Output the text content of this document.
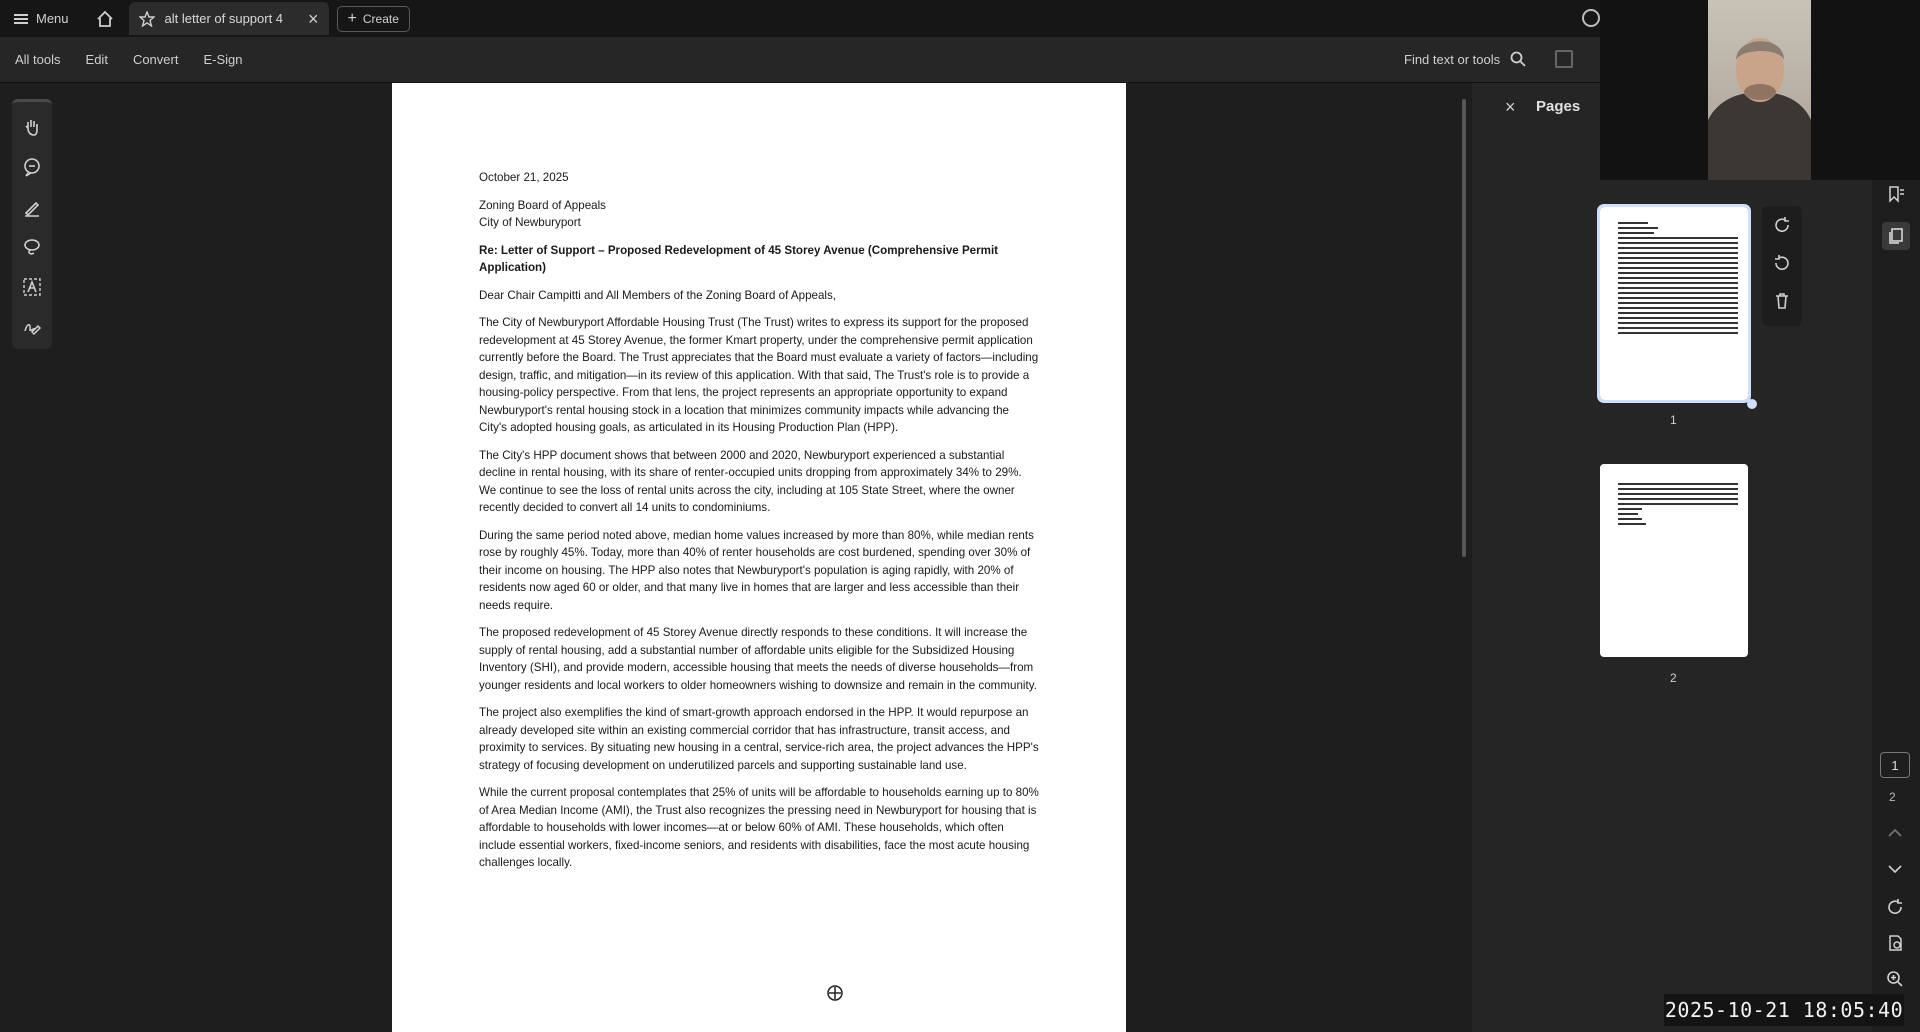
Menu	alt letter of support 4	× + Create
All tools Edit Convert E-Sign	Find text or tools

October 21, 2025

Zoning Board of Appeals
City of Newburyport

Re: Letter of Support – Proposed Redevelopment of 45 Storey Avenue (Comprehensive Permit Application)

Dear Chair Campitti and All Members of the Zoning Board of Appeals,

The City of Newburyport Affordable Housing Trust (The Trust) writes to express its support for the proposed redevelopment at 45 Storey Avenue, the former Kmart property, under the comprehensive permit application currently before the Board. The Trust appreciates that the Board must evaluate a variety of factors—including design, traffic, and mitigation—in its review of this application. With that said, The Trust's role is to provide a housing-policy perspective. From that lens, the project represents an appropriate opportunity to expand Newburyport's rental housing stock in a location that minimizes community impacts while advancing the City's adopted housing goals, as articulated in its Housing Production Plan (HPP).

The City's HPP document shows that between 2000 and 2020, Newburyport experienced a substantial decline in rental housing, with its share of renter-occupied units dropping from approximately 34% to 29%. We continue to see the loss of rental units across the city, including at 105 State Street, where the owner recently decided to convert all 14 units to condominiums.

During the same period noted above, median home values increased by more than 80%, while median rents rose by roughly 45%. Today, more than 40% of renter households are cost burdened, spending over 30% of their income on housing. The HPP also notes that Newburyport's population is aging rapidly, with 20% of residents now aged 60 or older, and that many live in homes that are larger and less accessible than their needs require.

The proposed redevelopment of 45 Storey Avenue directly responds to these conditions. It will increase the supply of rental housing, add a substantial number of affordable units eligible for the Subsidized Housing Inventory (SHI), and provide modern, accessible housing that meets the needs of diverse households—from younger residents and local workers to older homeowners wishing to downsize and remain in the community.

The project also exemplifies the kind of smart-growth approach endorsed in the HPP. It would repurpose an already developed site within an existing commercial corridor that has infrastructure, transit access, and proximity to services. By situating new housing in a central, service-rich area, the project advances the HPP's strategy of focusing development on underutilized parcels and supporting sustainable land use.

While the current proposal contemplates that 25% of units will be affordable to households earning up to 80% of Area Median Income (AMI), the Trust also recognizes the pressing need in Newburyport for housing that is affordable to households with lower incomes—at or below 60% of AMI. These households, which often include essential workers, fixed-income seniors, and residents with disabilities, face the most acute housing challenges locally.

× Pages
1
2
1
2
2025-10-21 18:05:40
